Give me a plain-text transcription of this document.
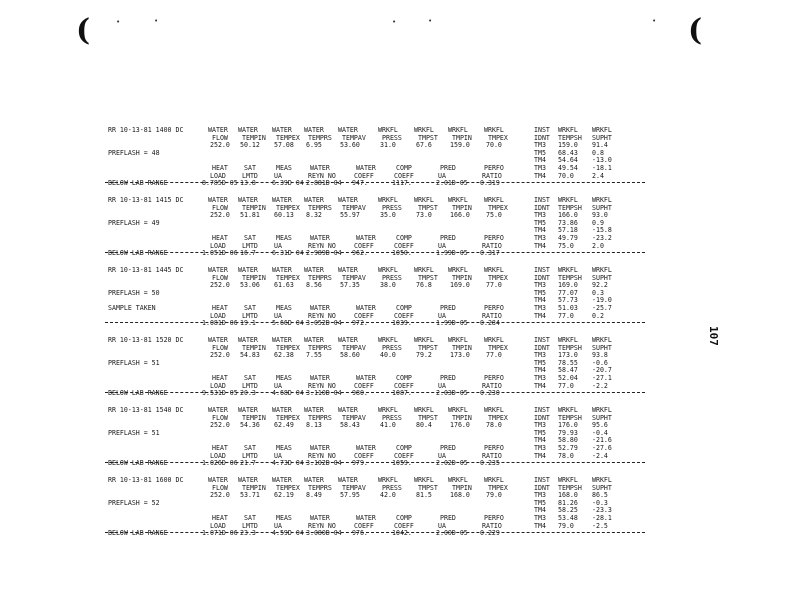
(	(
•	•	•	•	•
107
RR 10-13-81 1400 DC	WATER WATER WATER WATER WATER	WRKFL WRKFL WRKFL WRKFL
FLOW TEMPIN TEMPEX TEMPRS TEMPAV PRESS TMPST TMPIN TMPEX
252.0 50.12 57.08 6.95	53.60	31.0	67.6	159.0 70.0
PREFLASH = 48
HEAT SAT	MEAS	WATER	WATER	COMP	PRED	PERFO
LOAD LMTD UA	REYN NO	COEFF	COEFF	UA	RATIO
8.785D 05 13.8 6.39D 04 2.881D 04 947.	1117.	2.01D 05 0.319
BELOW LAB RANGE
INST WRKFL WRKFL
IDNT TEMPSH SUPHT
TM3 159.0 91.4
TM5 68.43 0.8
TM4 54.64 -13.0
TM3 49.54 -18.1
TM4 70.0	2.4
RR 10-13-81 1415 DC	WATER WATER WATER WATER WATER	WRKFL WRKFL WRKFL WRKFL
FLOW TEMPIN TEMPEX TEMPRS TEMPAV PRESS TMPST TMPIN TMPEX
252.0 51.81 60.13 8.32	55.97	35.0	73.0	166.0 75.0
PREFLASH = 49
HEAT SAT	MEAS	WATER	WATER	COMP	PRED	PERFO
LOAD LMTD UA	REYN NO	COEFF	COEFF	UA	RATIO
1.051D 06 16.7 6.31D 04 2.989D 04 962.	1050.	1.99D 05 0.317
BELOW LAB RANGE
INST WRKFL WRKFL
IDNT TEMPSH SUPHT
TM3 166.0 93.0
TM5 73.86 0.9
TM4 57.18 -15.8
TM3 49.79 -23.2
TM4 75.0	2.0
RR 10-13-81 1445 DC	WATER WATER WATER WATER WATER	WRKFL WRKFL WRKFL WRKFL
FLOW TEMPIN TEMPEX TEMPRS TEMPAV PRESS TMPST TMPIN TMPEX
252.0 53.06 61.63 8.56	57.35	38.0	76.8	169.0 77.0
PREFLASH = 50
HEAT SAT	MEAS	WATER	WATER	COMP	PRED	PERFO
LOAD LMTD UA	REYN NO	COEFF	COEFF	UA	RATIO
1.081D 06 19.1 5.66D 04 3.052D 04 972.	1039.	1.99D 05 0.284
SAMPLE TAKEN
INST WRKFL WRKFL
IDNT TEMPSH SUPHT
TM3 169.0 92.2
TM5 77.07 0.3
TM4 57.73 -19.0
TM3 51.03 -25.7
TM4 77.0	0.2
RR 10-13-81 1520 DC	WATER WATER WATER WATER WATER	WRKFL WRKFL WRKFL WRKFL
FLOW TEMPIN TEMPEX TEMPRS TEMPAV PRESS TMPST TMPIN TMPEX
252.0 54.83 62.38 7.55	58.60	40.0	79.2	173.0 77.0
PREFLASH = 51
HEAT SAT	MEAS	WATER	WATER	COMP	PRED	PERFO
LOAD LMTD UA	REYN NO	COEFF	COEFF	UA	RATIO
9.531D 05 20.3 4.68D 04 3.110D 04 980.	1087.	2.03D 05 0.230
BELOW LAB RANGE
INST WRKFL WRKFL
IDNT TEMPSH SUPHT
TM3 173.0 93.8
TM5 78.55 -0.6
TM4 58.47 -20.7
TM3 52.04 -27.1
TM4 77.0	-2.2
RR 10-13-81 1540 DC	WATER WATER WATER WATER WATER	WRKFL WRKFL WRKFL WRKFL
FLOW TEMPIN TEMPEX TEMPRS TEMPAV PRESS TMPST TMPIN TMPEX
252.0 54.36 62.49 8.13	58.43	41.0	80.4	176.0 78.0
PREFLASH = 51
HEAT SAT	MEAS	WATER	WATER	COMP	PRED	PERFO
LOAD LMTD UA	REYN NO	COEFF	COEFF	UA	RATIO
1.026D 06 21.7 4.73D 04 3.102D 04 979.	1059.	2.02D 05 0.235
BELOW LAB RANGE
INST WRKFL WRKFL
IDNT TEMPSH SUPHT
TM3 176.0 95.6
TM5 79.93 -0.4
TM4 58.80 -21.6
TM3 52.79 -27.6
TM4 78.0	-2.4
RR 10-13-81 1600 DC	WATER WATER WATER WATER WATER	WRKFL WRKFL WRKFL WRKFL
FLOW TEMPIN TEMPEX TEMPRS TEMPAV PRESS TMPST TMPIN TMPEX
252.0 53.71 62.19 8.49	57.95	42.0	81.5	168.0 79.0
PREFLASH = 52
HEAT SAT	MEAS	WATER	WATER	COMP	PRED	PERFO
LOAD LMTD UA	REYN NO	COEFF	COEFF	UA	RATIO
1.071D 06 23.3 4.59D 04 3.080D 04 976.	1042.	2.00D 05 0.229
BELOW LAB RANGE
INST WRKFL WRKFL
IDNT TEMPSH SUPHT
TM3 168.0 86.5
TM5 81.26 -0.3
TM4 58.25 -23.3
TM3 53.48 -28.1
TM4 79.0	-2.5
